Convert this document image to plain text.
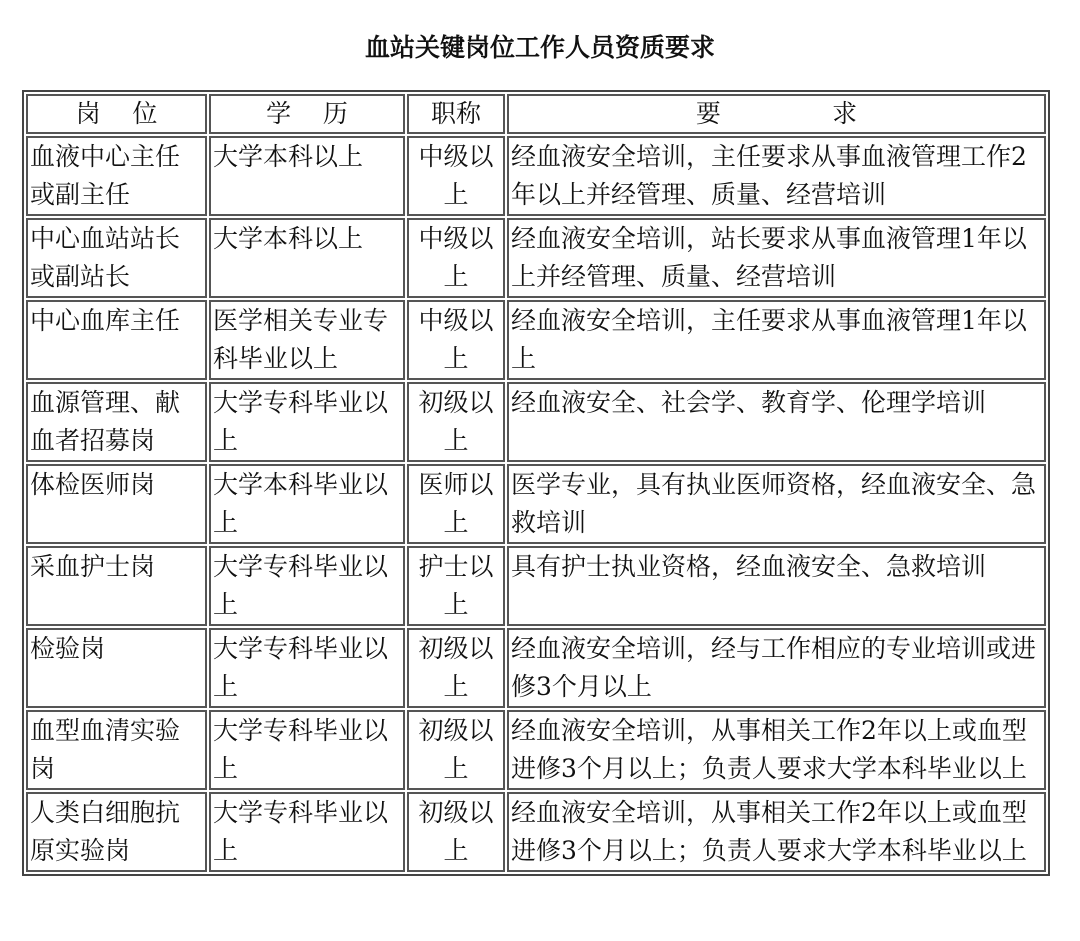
血站关键岗位工作人员资质要求
岗    位	学    历	职称	要              求
血液中心主任或副主任	大学本科以上	中级以上	经血液安全培训，主任要求从事血液管理工作2年以上并经管理、质量、经营培训
中心血站站长或副站长	大学本科以上	中级以上	经血液安全培训，站长要求从事血液管理1年以上并经管理、质量、经营培训
中心血库主任	医学相关专业专科毕业以上	中级以上	经血液安全培训，主任要求从事血液管理1年以上
血源管理、献血者招募岗	大学专科毕业以上	初级以上	经血液安全、社会学、教育学、伦理学培训
体检医师岗	大学本科毕业以上	医师以上	医学专业，具有执业医师资格，经血液安全、急救培训
采血护士岗	大学专科毕业以上	护士以上	具有护士执业资格，经血液安全、急救培训
检验岗	大学专科毕业以上	初级以上	经血液安全培训，经与工作相应的专业培训或进修3个月以上
血型血清实验岗	大学专科毕业以上	初级以上	经血液安全培训，从事相关工作2年以上或血型进修3个月以上；负责人要求大学本科毕业以上
人类白细胞抗原实验岗	大学专科毕业以上	初级以上	经血液安全培训，从事相关工作2年以上或血型进修3个月以上；负责人要求大学本科毕业以上
